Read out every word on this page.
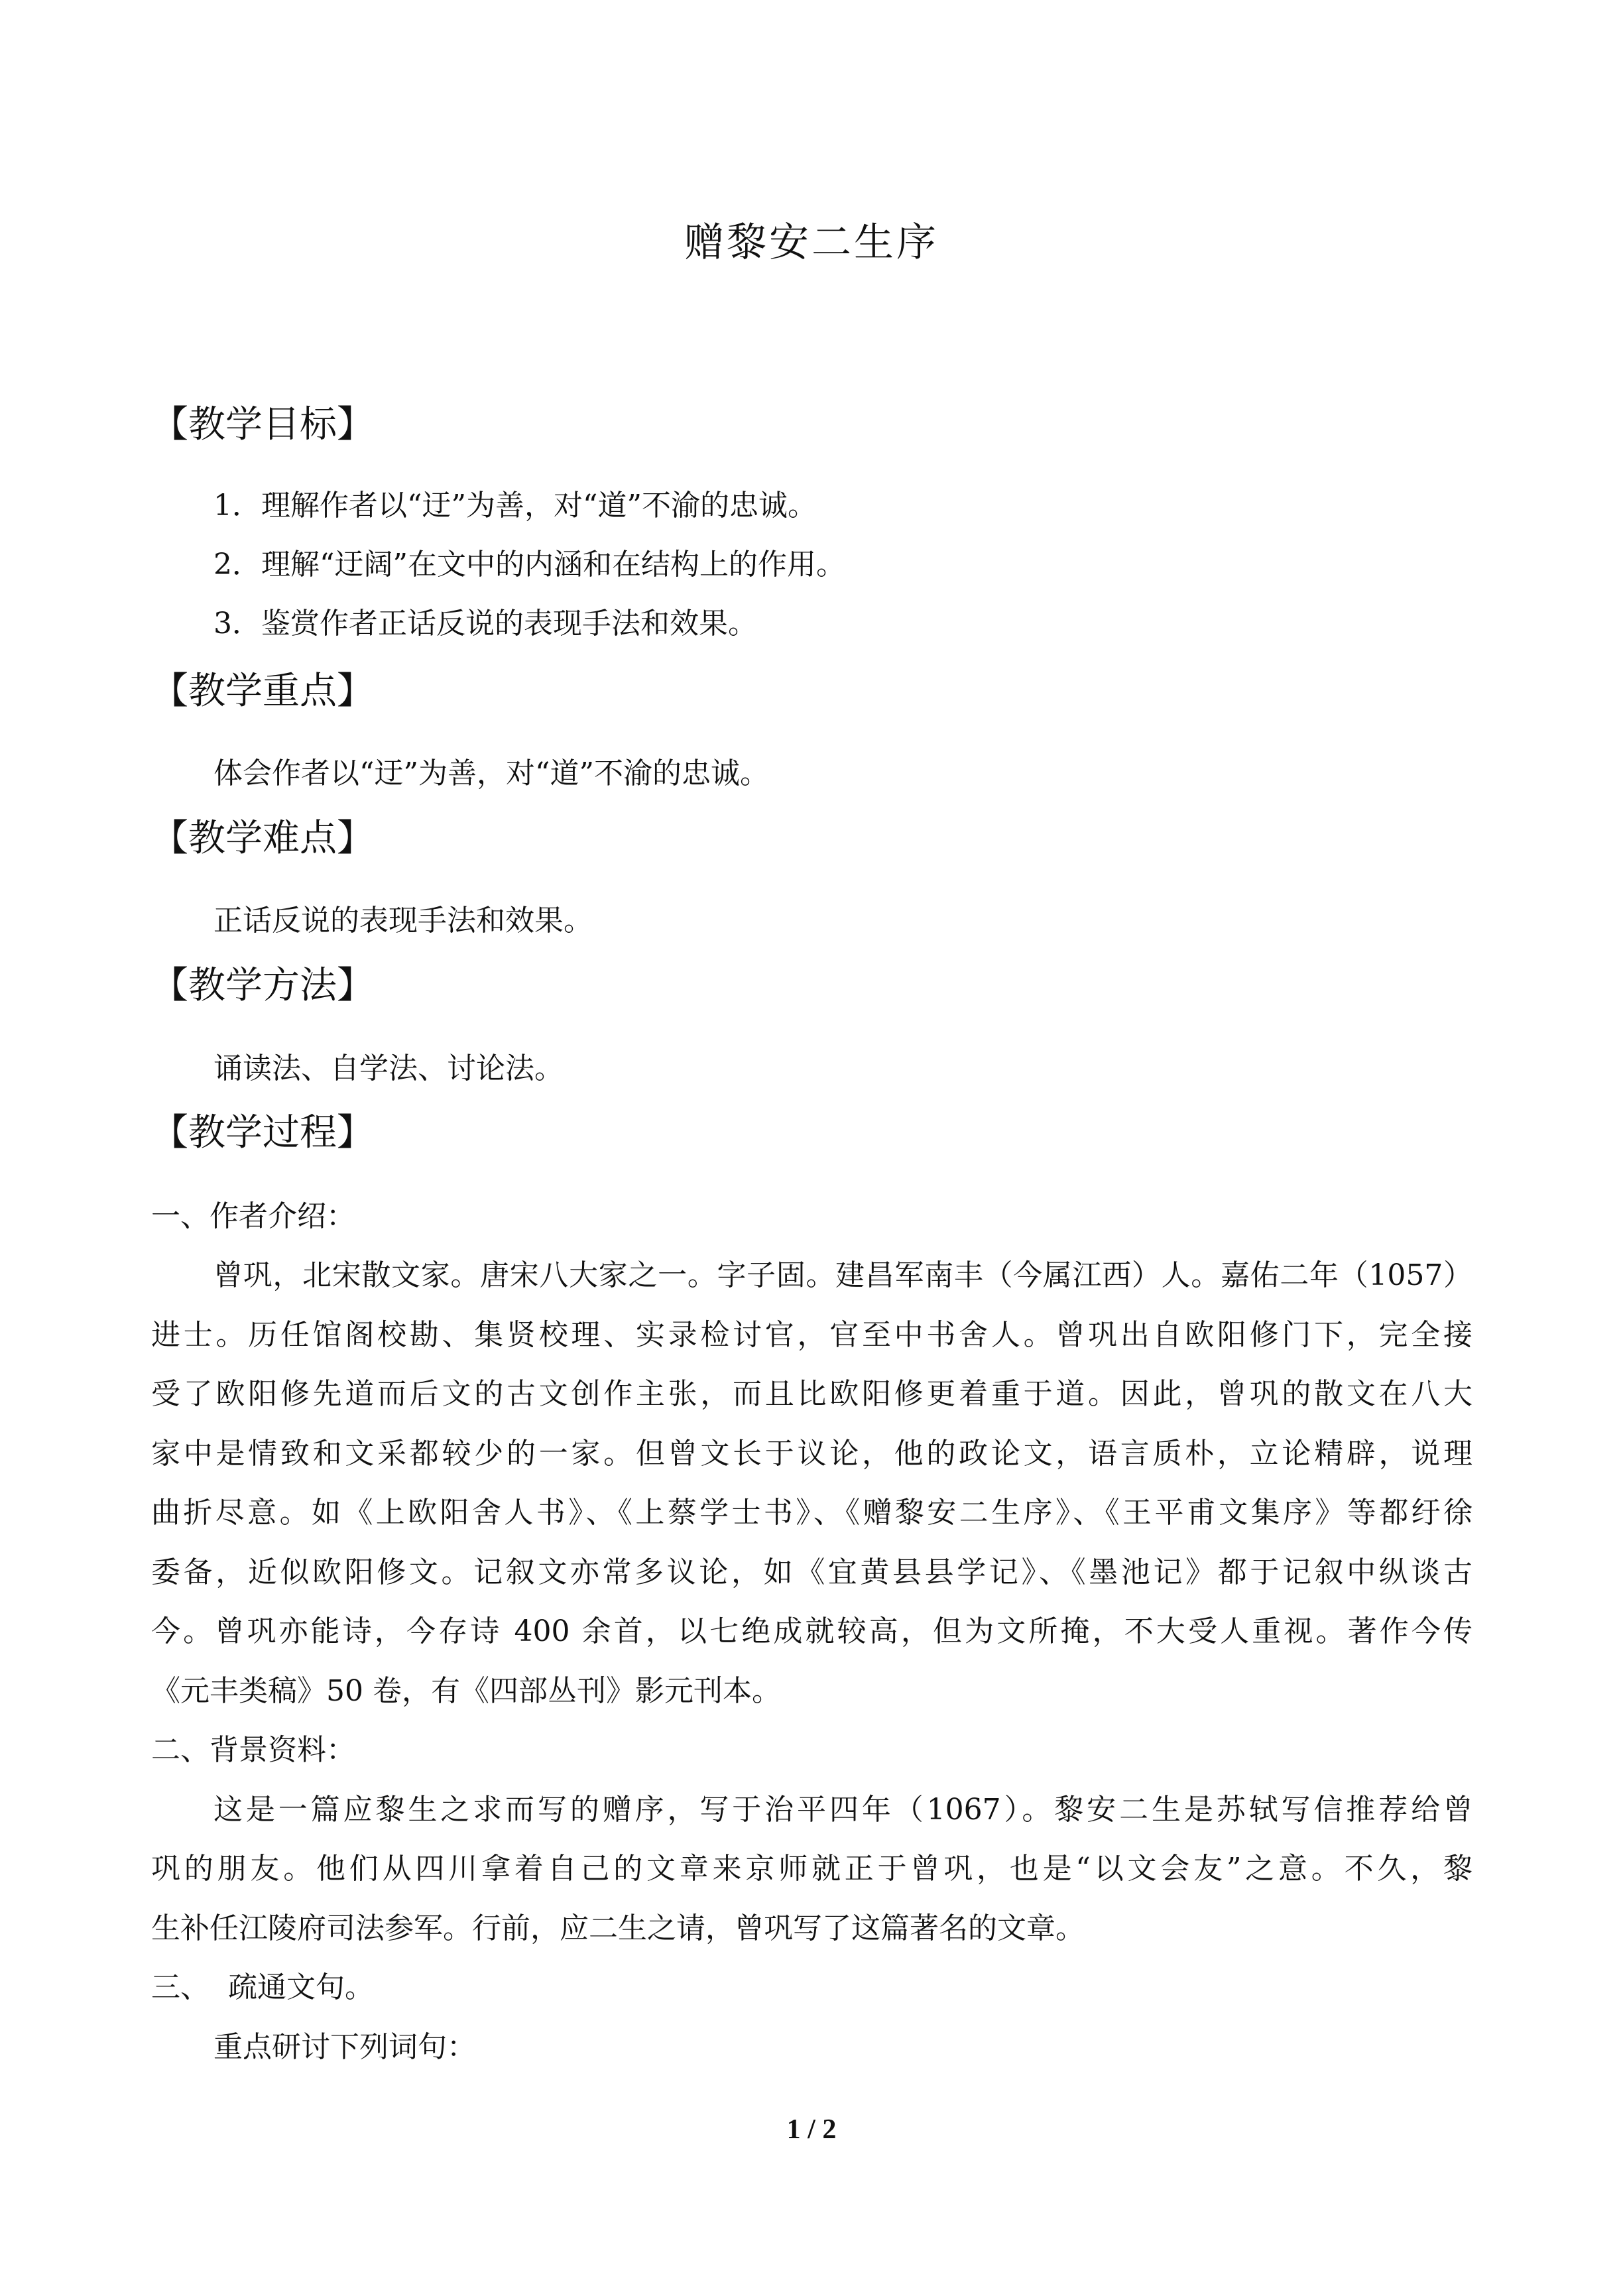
赠黎安二生序
【教学目标】
1．理解作者以“迂”为善，对“道”不渝的忠诚。
2．理解“迂阔”在文中的内涵和在结构上的作用。
3．鉴赏作者正话反说的表现手法和效果。
【教学重点】
体会作者以“迂”为善，对“道”不渝的忠诚。
【教学难点】
正话反说的表现手法和效果。
【教学方法】
诵读法、自学法、讨论法。
【教学过程】
一、作者介绍：
曾巩，北宋散文家。唐宋八大家之一。字子固。建昌军南丰（今属江西）人。嘉佑二年（1057）
进士。历任馆阁校勘、集贤校理、实录检讨官，官至中书舍人。曾巩出自欧阳修门下，完全接
受了欧阳修先道而后文的古文创作主张，而且比欧阳修更着重于道。因此，曾巩的散文在八大
家中是情致和文采都较少的一家。但曾文长于议论，他的政论文，语言质朴，立论精辟，说理
曲折尽意。如《上欧阳舍人书》、《上蔡学士书》、《赠黎安二生序》、《王平甫文集序》等都纡徐
委备，近似欧阳修文。记叙文亦常多议论，如《宜黄县县学记》、《墨池记》都于记叙中纵谈古
今。曾巩亦能诗，今存诗 400 余首，以七绝成就较高，但为文所掩，不大受人重视。著作今传
《元丰类稿》50 卷，有《四部丛刊》影元刊本。
二、背景资料：
这是一篇应黎生之求而写的赠序，写于治平四年（1067）。黎安二生是苏轼写信推荐给曾
巩的朋友。他们从四川拿着自己的文章来京师就正于曾巩，也是“以文会友”之意。不久，黎
生补任江陵府司法参军。行前，应二生之请，曾巩写了这篇著名的文章。
三、  疏通文句。
重点研讨下列词句：
1 / 2
